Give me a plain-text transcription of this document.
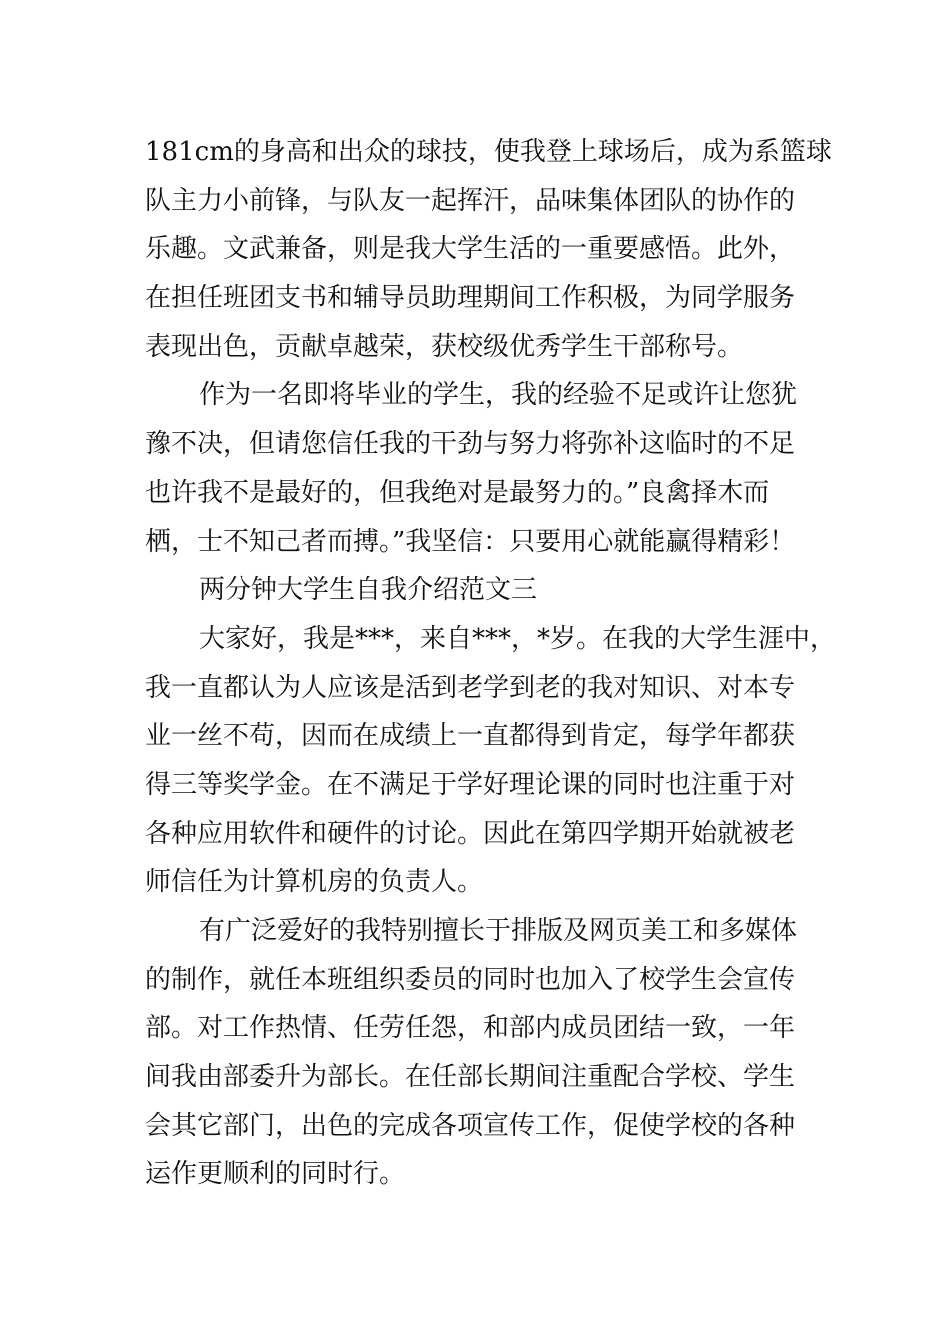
181cm的身高和出众的球技，使我登上球场后，成为系篮球
队主力小前锋，与队友一起挥汗，品味集体团队的协作的
乐趣。文武兼备，则是我大学生活的一重要感悟。此外，
在担任班团支书和辅导员助理期间工作积极，为同学服务
表现出色，贡献卓越荣，获校级优秀学生干部称号。
作为一名即将毕业的学生，我的经验不足或许让您犹
豫不决，但请您信任我的干劲与努力将弥补这临时的不足
也许我不是最好的，但我绝对是最努力的。”良禽择木而
栖，士不知己者而搏。”我坚信：只要用心就能赢得精彩！
两分钟大学生自我介绍范文三
大家好，我是***，来自***，*岁。在我的大学生涯中，
我一直都认为人应该是活到老学到老的我对知识、对本专
业一丝不苟，因而在成绩上一直都得到肯定，每学年都获
得三等奖学金。在不满足于学好理论课的同时也注重于对
各种应用软件和硬件的讨论。因此在第四学期开始就被老
师信任为计算机房的负责人。
有广泛爱好的我特别擅长于排版及网页美工和多媒体
的制作，就任本班组织委员的同时也加入了校学生会宣传
部。对工作热情、任劳任怨，和部内成员团结一致，一年
间我由部委升为部长。在任部长期间注重配合学校、学生
会其它部门，出色的完成各项宣传工作，促使学校的各种
运作更顺利的同时行。
